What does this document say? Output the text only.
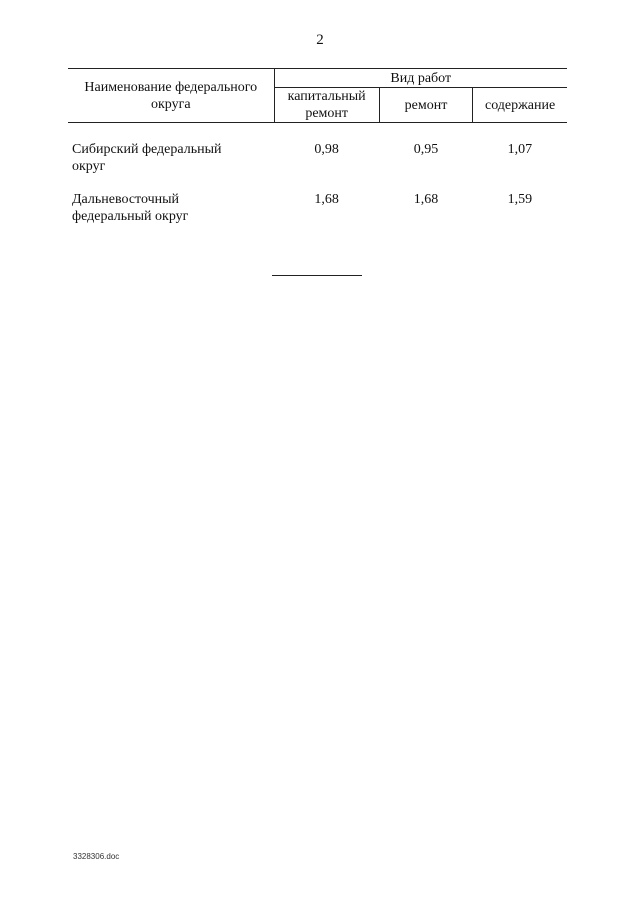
2
Наименование федерального округа	Вид работ		
	капитальный ремонт	ремонт	содержание

Сибирский федеральный округ	0,98	0,95	1,07

Дальневосточный федеральный округ	1,68	1,68	1,59
3328306.doc
